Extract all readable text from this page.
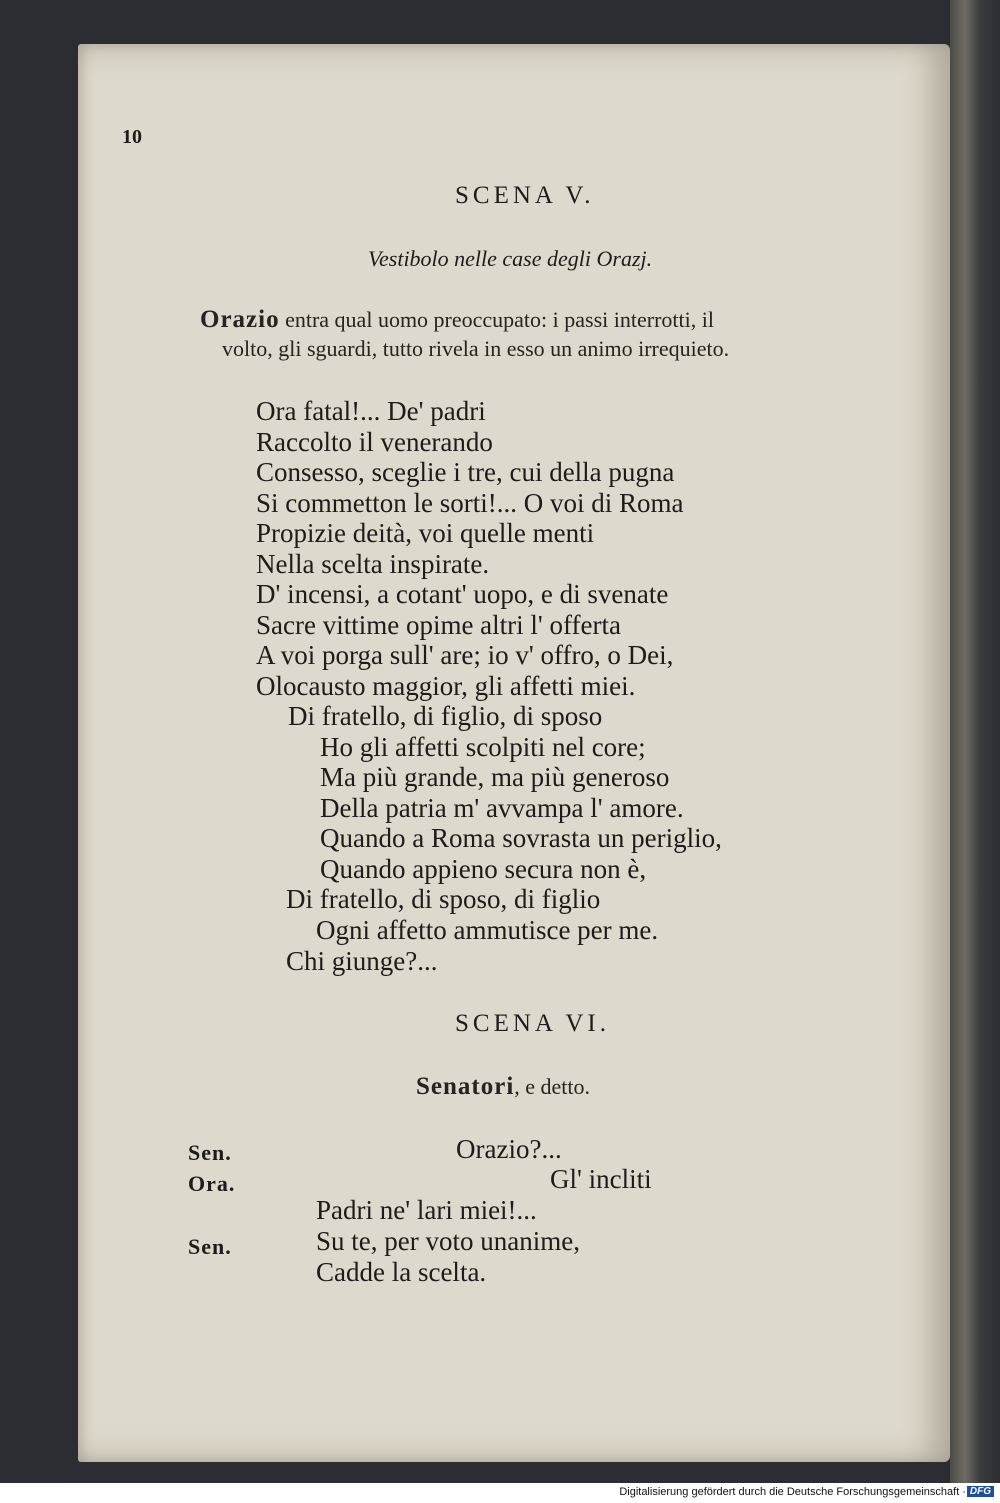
10
SCENA V.
Vestibolo nelle case degli Orazj.
Orazio entra qual uomo preoccupato: i passi interrotti, il
volto, gli sguardi, tutto rivela in esso un animo irrequieto.
Ora fatal!... De' padri
Raccolto il venerando
Consesso, sceglie i tre, cui della pugna
Si commetton le sorti!... O voi di Roma
Propizie deità, voi quelle menti
Nella scelta inspirate.
D' incensi, a cotant' uopo, e di svenate
Sacre vittime opime altri l' offerta
A voi porga sull' are; io v' offro, o Dei,
Olocausto maggior, gli affetti miei.
Di fratello, di figlio, di sposo
Ho gli affetti scolpiti nel core;
Ma più grande, ma più generoso
Della patria m' avvampa l' amore.
Quando a Roma sovrasta un periglio,
Quando appieno secura non è,
Di fratello, di sposo, di figlio
Ogni affetto ammutisce per me.
Chi giunge?...
SCENA VI.
Senatori, e detto.
Sen.	Orazio?...
Ora.	Gl' incliti
Padri ne' lari miei!...
Sen.	Su te, per voto unanime,
Cadde la scelta.
Digitalisierung gefördert durch die Deutsche Forschungsgemeinschaft · DFG
